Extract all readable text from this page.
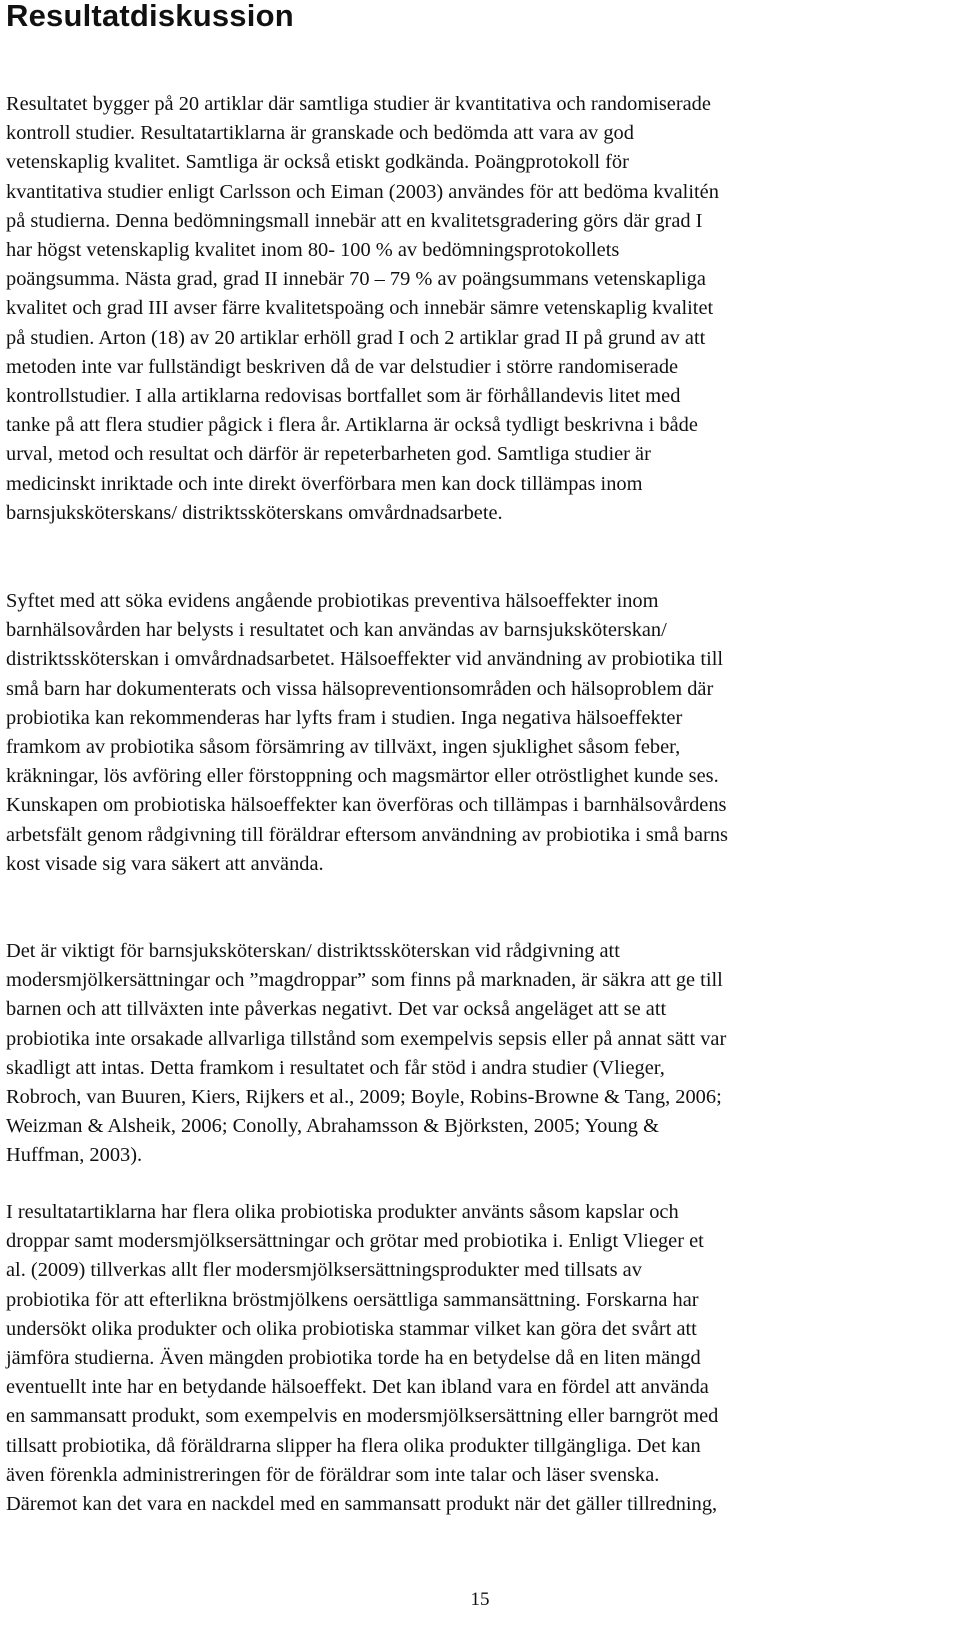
Resultatdiskussion

Resultatet bygger på 20 artiklar där samtliga studier är kvantitativa och randomiserade
kontroll studier. Resultatartiklarna är granskade och bedömda att vara av god
vetenskaplig kvalitet. Samtliga är också etiskt godkända. Poängprotokoll för
kvantitativa studier enligt Carlsson och Eiman (2003) användes för att bedöma kvalitén
på studierna. Denna bedömningsmall innebär att en kvalitetsgradering görs där grad I
har högst vetenskaplig kvalitet inom 80- 100 % av bedömningsprotokollets
poängsumma. Nästa grad, grad II innebär 70 – 79 % av poängsummans vetenskapliga
kvalitet och grad III avser färre kvalitetspoäng och innebär sämre vetenskaplig kvalitet
på studien. Arton (18) av 20 artiklar erhöll grad I och 2 artiklar grad II på grund av att
metoden inte var fullständigt beskriven då de var delstudier i större randomiserade
kontrollstudier. I alla artiklarna redovisas bortfallet som är förhållandevis litet med
tanke på att flera studier pågick i flera år. Artiklarna är också tydligt beskrivna i både
urval, metod och resultat och därför är repeterbarheten god. Samtliga studier är
medicinskt inriktade och inte direkt överförbara men kan dock tillämpas inom
barnsjuksköterskans/ distriktssköterskans omvårdnadsarbete.

Syftet med att söka evidens angående probiotikas preventiva hälsoeffekter inom
barnhälsovården har belysts i resultatet och kan användas av barnsjuksköterskan/
distriktssköterskan i omvårdnadsarbetet. Hälsoeffekter vid användning av probiotika till
små barn har dokumenterats och vissa hälsopreventionsområden och hälsoproblem där
probiotika kan rekommenderas har lyfts fram i studien. Inga negativa hälsoeffekter
framkom av probiotika såsom försämring av tillväxt, ingen sjuklighet såsom feber,
kräkningar, lös avföring eller förstoppning och magsmärtor eller otröstlighet kunde ses.
Kunskapen om probiotiska hälsoeffekter kan överföras och tillämpas i barnhälsovårdens
arbetsfält genom rådgivning till föräldrar eftersom användning av probiotika i små barns
kost visade sig vara säkert att använda.

Det är viktigt för barnsjuksköterskan/ distriktssköterskan vid rådgivning att
modersmjölkersättningar och ”magdroppar” som finns på marknaden, är säkra att ge till
barnen och att tillväxten inte påverkas negativt. Det var också angeläget att se att
probiotika inte orsakade allvarliga tillstånd som exempelvis sepsis eller på annat sätt var
skadligt att intas. Detta framkom i resultatet och får stöd i andra studier (Vlieger,
Robroch, van Buuren, Kiers, Rijkers et al., 2009; Boyle, Robins-Browne & Tang, 2006;
Weizman & Alsheik, 2006; Conolly, Abrahamsson & Björksten, 2005; Young &
Huffman, 2003).

I resultatartiklarna har flera olika probiotiska produkter använts såsom kapslar och
droppar samt modersmjölksersättningar och grötar med probiotika i. Enligt Vlieger et
al. (2009) tillverkas allt fler modersmjölksersättningsprodukter med tillsats av
probiotika för att efterlikna bröstmjölkens oersättliga sammansättning. Forskarna har
undersökt olika produkter och olika probiotiska stammar vilket kan göra det svårt att
jämföra studierna. Även mängden probiotika torde ha en betydelse då en liten mängd
eventuellt inte har en betydande hälsoeffekt. Det kan ibland vara en fördel att använda
en sammansatt produkt, som exempelvis en modersmjölksersättning eller barngröt med
tillsatt probiotika, då föräldrarna slipper ha flera olika produkter tillgängliga. Det kan
även förenkla administreringen för de föräldrar som inte talar och läser svenska.
Däremot kan det vara en nackdel med en sammansatt produkt när det gäller tillredning,

15
